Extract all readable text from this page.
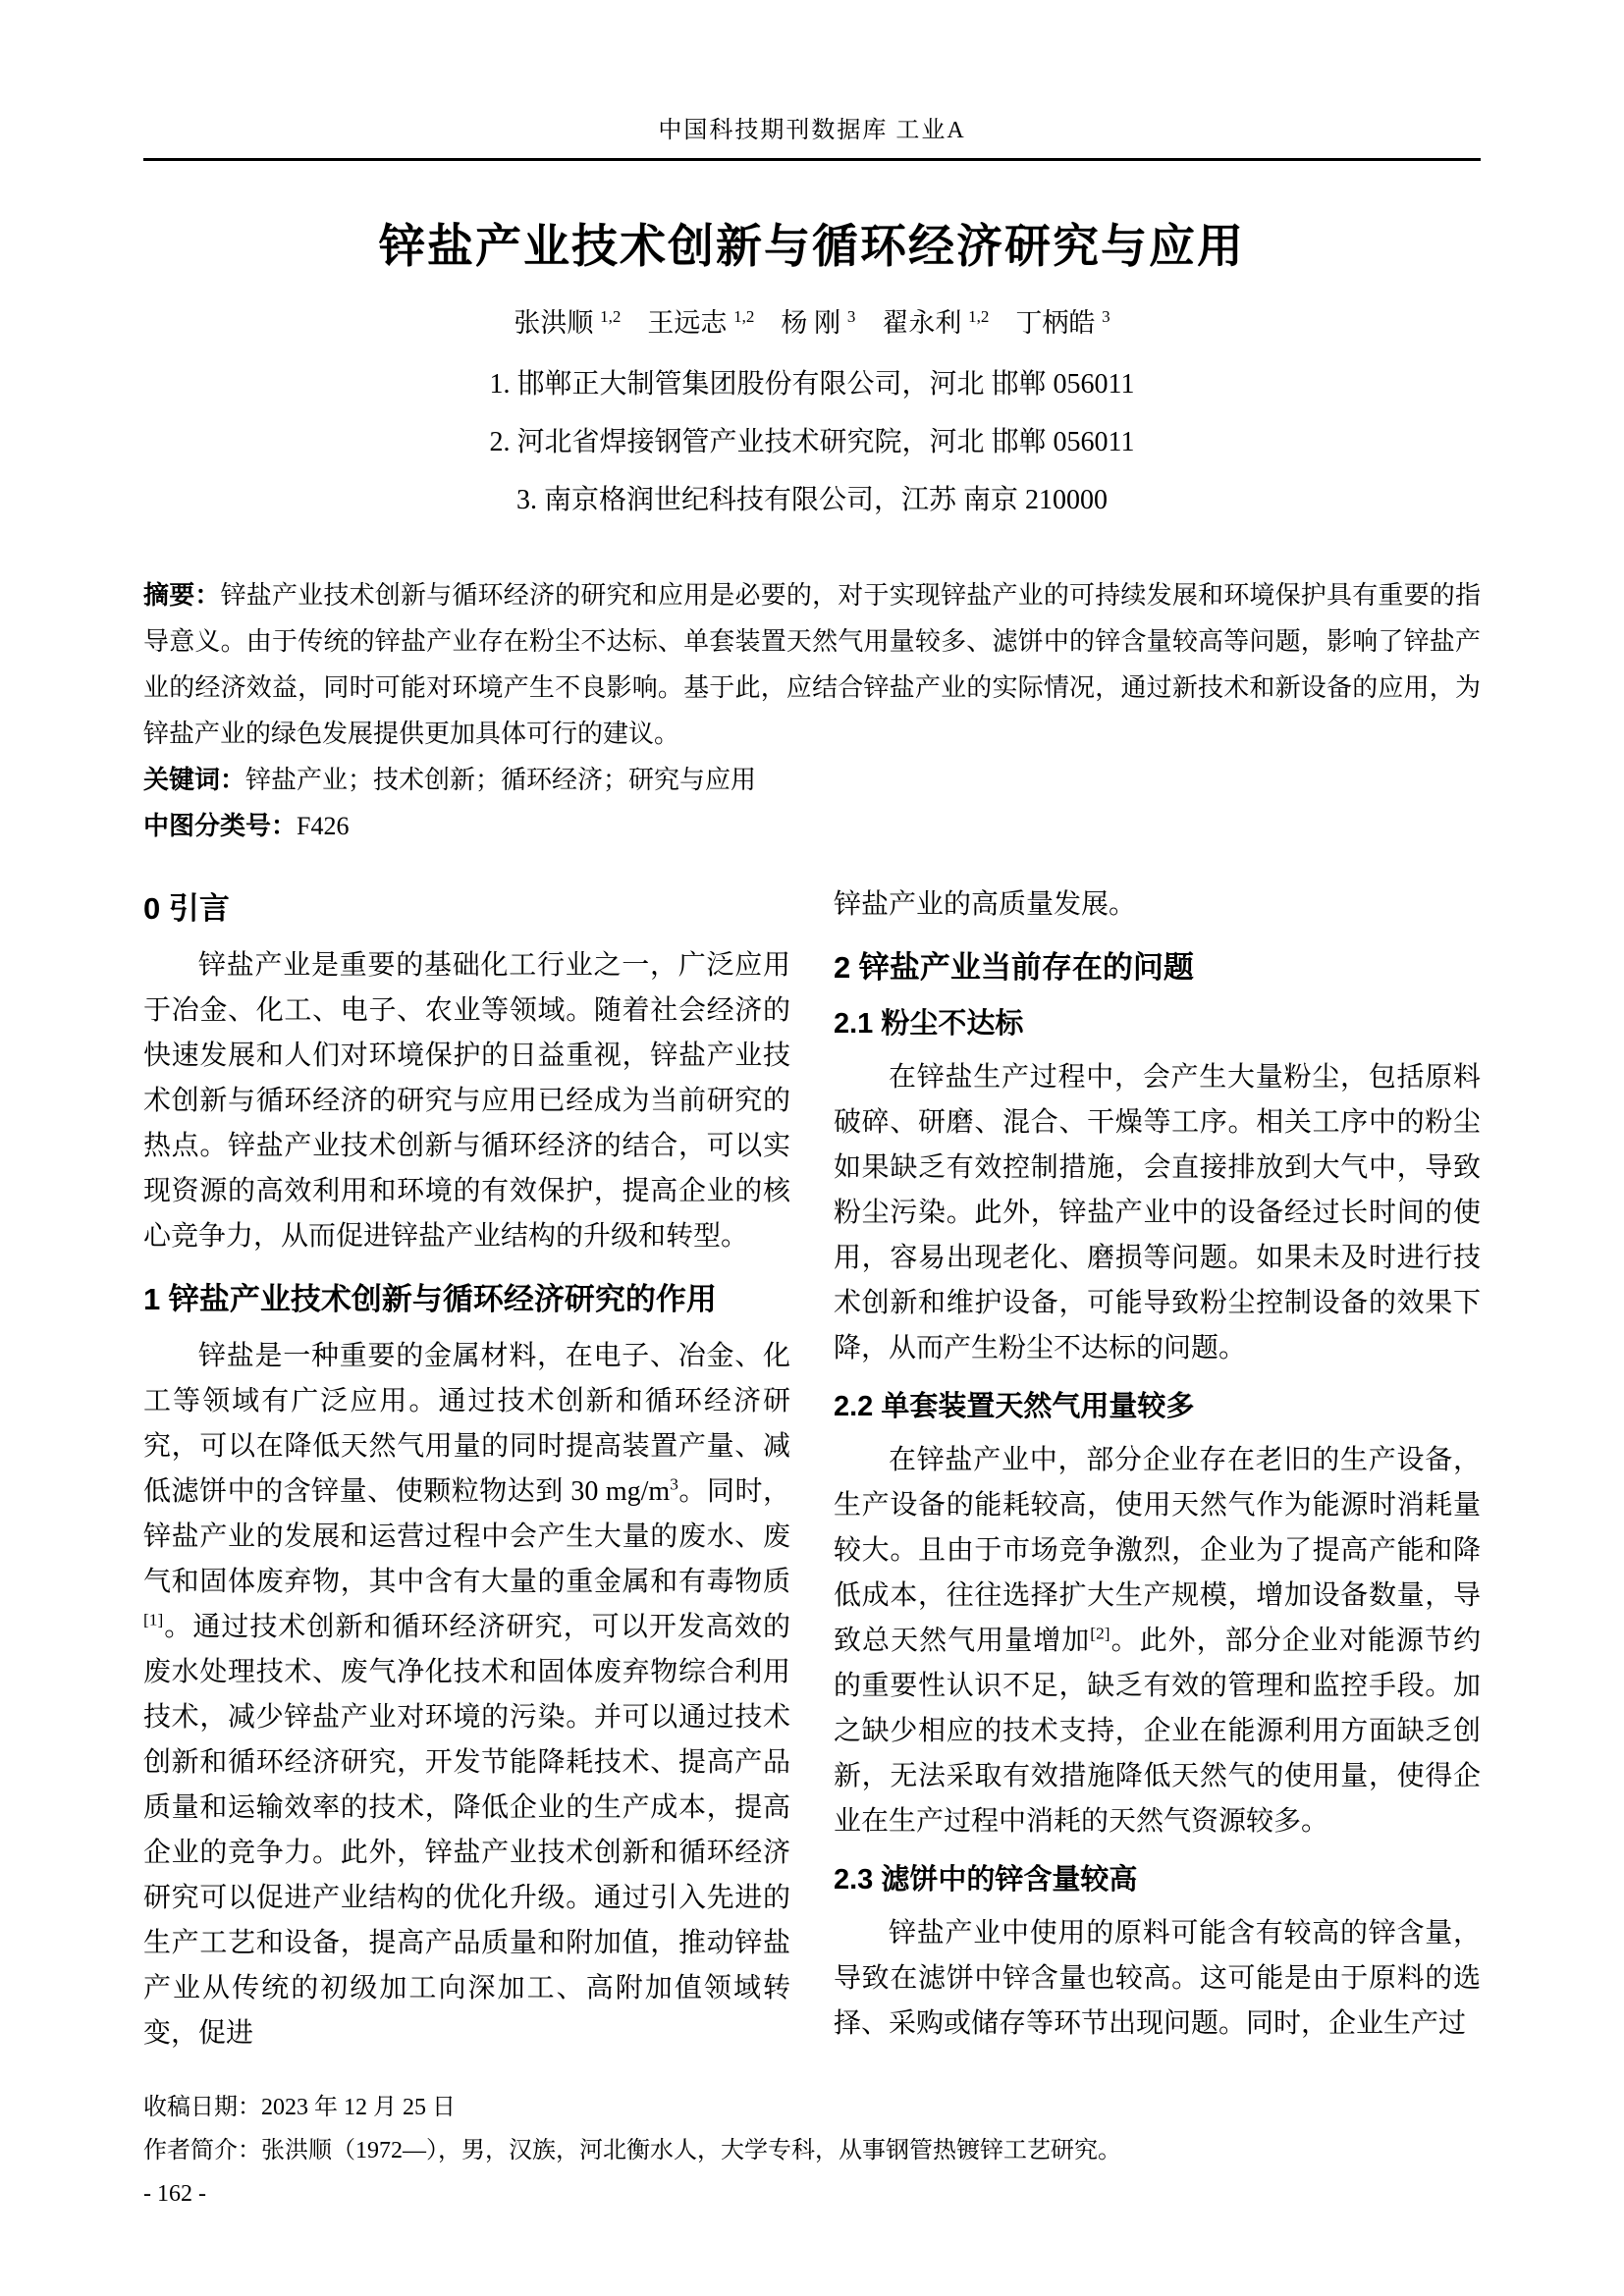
中国科技期刊数据库 工业A
锌盐产业技术创新与循环经济研究与应用
张洪顺 $^{1,2}$　王远志 $^{1,2}$　杨 刚 $^3$　翟永利 $^{1,2}$　丁柄皓 $^3$
1. 邯郸正大制管集团股份有限公司，河北 邯郸 056011
2. 河北省焊接钢管产业技术研究院，河北 邯郸 056011
3. 南京格润世纪科技有限公司，江苏 南京 210000

摘要：锌盐产业技术创新与循环经济的研究和应用是必要的，对于实现锌盐产业的可持续发展和环境保护具有重要的指导意义。由于传统的锌盐产业存在粉尘不达标、单套装置天然气用量较多、滤饼中的锌含量较高等问题，影响了锌盐产业的经济效益，同时可能对环境产生不良影响。基于此，应结合锌盐产业的实际情况，通过新技术和新设备的应用，为锌盐产业的绿色发展提供更加具体可行的建议。

关键词：锌盐产业；技术创新；循环经济；研究与应用

中图分类号：F426

0 引言

锌盐产业是重要的基础化工行业之一，广泛应用于冶金、化工、电子、农业等领域。随着社会经济的快速发展和人们对环境保护的日益重视，锌盐产业技术创新与循环经济的研究与应用已经成为当前研究的热点。锌盐产业技术创新与循环经济的结合，可以实现资源的高效利用和环境的有效保护，提高企业的核心竞争力，从而促进锌盐产业结构的升级和转型。

1 锌盐产业技术创新与循环经济研究的作用

锌盐是一种重要的金属材料，在电子、冶金、化工等领域有广泛应用。通过技术创新和循环经济研究，可以在降低天然气用量的同时提高装置产量、减低滤饼中的含锌量、使颗粒物达到 30 $mg/m^3$。同时，锌盐产业的发展和运营过程中会产生大量的废水、废气和固体废弃物，其中含有大量的重金属和有毒物质[1]。通过技术创新和循环经济研究，可以开发高效的废水处理技术、废气净化技术和固体废弃物综合利用技术，减少锌盐产业对环境的污染。并可以通过技术创新和循环经济研究，开发节能降耗技术、提高产品质量和运输效率的技术，降低企业的生产成本，提高企业的竞争力。此外，锌盐产业技术创新和循环经济研究可以促进产业结构的优化升级。通过引入先进的生产工艺和设备，提高产品质量和附加值，推动锌盐产业从传统的初级加工向深加工、高附加值领域转变，促进

锌盐产业的高质量发展。

2 锌盐产业当前存在的问题
2.1 粉尘不达标

在锌盐生产过程中，会产生大量粉尘，包括原料破碎、研磨、混合、干燥等工序。相关工序中的粉尘如果缺乏有效控制措施，会直接排放到大气中，导致粉尘污染。此外，锌盐产业中的设备经过长时间的使用，容易出现老化、磨损等问题。如果未及时进行技术创新和维护设备，可能导致粉尘控制设备的效果下降，从而产生粉尘不达标的问题。

2.2 单套装置天然气用量较多

在锌盐产业中，部分企业存在老旧的生产设备，生产设备的能耗较高，使用天然气作为能源时消耗量较大。且由于市场竞争激烈，企业为了提高产能和降低成本，往往选择扩大生产规模，增加设备数量，导致总天然气用量增加[2]。此外，部分企业对能源节约的重要性认识不足，缺乏有效的管理和监控手段。加之缺少相应的技术支持，企业在能源利用方面缺乏创新，无法采取有效措施降低天然气的使用量，使得企业在生产过程中消耗的天然气资源较多。

2.3 滤饼中的锌含量较高

锌盐产业中使用的原料可能含有较高的锌含量，导致在滤饼中锌含量也较高。这可能是由于原料的选择、采购或储存等环节出现问题。同时，企业生产过

收稿日期：2023 年 12 月 25 日

作者简介：张洪顺（1972—），男，汉族，河北衡水人，大学专科，从事钢管热镀锌工艺研究。

- 162 -
